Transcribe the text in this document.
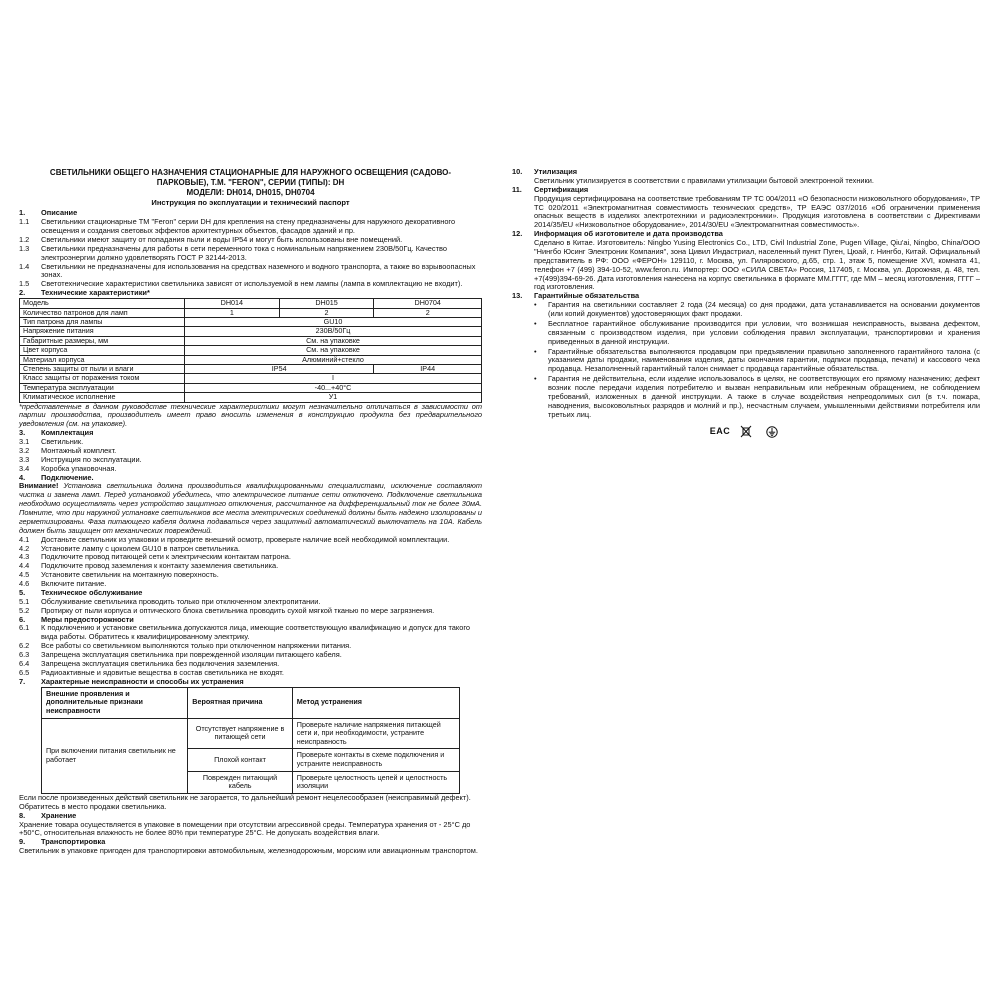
СВЕТИЛЬНИКИ ОБЩЕГО НАЗНАЧЕНИЯ СТАЦИОНАРНЫЕ ДЛЯ НАРУЖНОГО ОСВЕЩЕНИЯ (САДОВО-
ПАРКОВЫЕ), Т.М. "FERON", СЕРИИ (ТИПЫ): DH
МОДЕЛИ: DH014, DH015, DH0704
Инструкция по эксплуатации и технический паспорт
1.	Описание
1.1	Светильники стационарные ТМ "Feron" серии DH для крепления на стену предназначены для наружного декоративного освещения и создания световых эффектов архитектурных объектов, фасадов зданий и пр.
1.2	Светильники имеют защиту от попадания пыли и воды IP54 и могут быть использованы вне помещений.
1.3	Светильники предназначены для работы в сети переменного тока с номинальным напряжением 230В/50Гц. Качество электроэнергии должно удовлетворять ГОСТ Р 32144-2013.
1.4	Светильники не предназначены для использования на средствах наземного и водного транспорта, а также во взрывоопасных зонах.
1.5	Светотехнические характеристики светильника зависят от используемой в нем лампы (лампа в комплектацию не входит).
2.	Технические характеристики*
Модель	DH014	DH015	DH0704
Количество патронов для ламп	1	2	2
Тип патрона для лампы	GU10		
Напряжение питания	230В/50Гц		
Габаритные размеры, мм	См. на упаковке		
Цвет корпуса	См. на упаковке		
Материал корпуса	Алюминий+стекло		
Степень защиты от пыли и влаги	IP54		IP44
Класс защиты от поражения током	I		
Температура эксплуатации	-40...+40°С		
Климатическое исполнение	У1		
*представленные в данном руководстве технические характеристики могут незначительно отличаться в зависимости от партии производства, производитель имеет право вносить изменения в конструкцию продукта без предварительного уведомления (см. на упаковке).
3.	Комплектация
3.1	Светильник.
3.2	Монтажный комплект.
3.3	Инструкция по эксплуатации.
3.4	Коробка упаковочная.
4.	Подключение.
Внимание! Установка светильника должна производиться квалифицированными специалистами, исключение составляют чистка и замена ламп. Перед установкой убедитесь, что электрическое питание сети отключено. Подключение светильника необходимо осуществлять через устройство защитного отключения, рассчитанное на дифференциальный ток не более 30мА. Помните, что при наружной установке светильников все места электрических соединений должны быть надежно изолированы и герметизированы. Фаза питающего кабеля должна подаваться через защитный автоматический выключатель на 10А. Кабель должен быть защищен от механических повреждений.
4.1	Достаньте светильник из упаковки и проведите внешний осмотр, проверьте наличие всей необходимой комплектации.
4.2	Установите лампу с цоколем GU10 в патрон светильника.
4.3	Подключите провод питающей сети к электрическим контактам патрона.
4.4	Подключите провод заземления к контакту заземления светильника.
4.5	Установите светильник на монтажную поверхность.
4.6	Включите питание.
5.	Техническое обслуживание
5.1	Обслуживание светильника проводить только при отключенном электропитании.
5.2	Протирку от пыли корпуса и оптического блока светильника проводить сухой мягкой тканью по мере загрязнения.
6.	Меры предосторожности
6.1	К подключению и установке светильника допускаются лица, имеющие соответствующую квалификацию и допуск для такого вида работы. Обратитесь к квалифицированному электрику.
6.2	Все работы со светильником выполняются только при отключенном напряжении питания.
6.3	Запрещена эксплуатация светильника при поврежденной изоляции питающего кабеля.
6.4	Запрещена эксплуатация светильника без подключения заземления.
6.5	Радиоактивные и ядовитые вещества в состав светильника не входят.
7.	Характерные неисправности и способы их устранения
Внешние проявления и дополнительные признаки неисправности	Вероятная причина	Метод устранения
При включении питания светильник не работает	Отсутствует напряжение в питающей сети	Проверьте наличие напряжения питающей сети и, при необходимости, устраните неисправность
	Плохой контакт	Проверьте контакты в схеме подключения и устраните неисправность
	Поврежден питающий кабель	Проверьте целостность цепей и целостность изоляции
Если после произведенных действий светильник не загорается, то дальнейший ремонт нецелесообразен (неисправимый дефект). Обратитесь в место продажи светильника.
8.	Хранение
Хранение товара осуществляется в упаковке в помещении при отсутствии агрессивной среды. Температура хранения от - 25°С до +50°С, относительная влажность не более 80% при температуре 25°С. Не допускать воздействия влаги.
9.	Транспортировка
Светильник в упаковке пригоден для транспортировки автомобильным, железнодорожным, морским или авиационным транспортом.
10.	Утилизация
Светильник утилизируется в соответствии с правилами утилизации бытовой электронной техники.
11.	Сертификация
Продукция сертифицирована на соответствие требованиям ТР ТС 004/2011 «О безопасности низковольтного оборудования», ТР ТС 020/2011 «Электромагнитная совместимость технических средств», ТР ЕАЭС 037/2016 «Об ограничении применения опасных веществ в изделиях электротехники и радиоэлектроники». Продукция изготовлена в соответствии с Директивами 2014/35/EU «Низковольтное оборудование», 2014/30/EU «Электромагнитная совместимость».
12.	Информация об изготовителе и дата производства
Сделано в Китае. Изготовитель: Ningbo Yusing Electronics Co., LTD, Civil Industrial Zone, Pugen Village, Qiu'ai, Ningbo, China/ООО "Нингбо Юсинг Электроник Компания", зона Цивил Индастриал, населенный пункт Пуген, Цюай, г. Нингбо, Китай. Официальный представитель в РФ: ООО «ФЕРОН» 129110, г. Москва, ул. Гиляровского, д.65, стр. 1, этаж 5, помещение XVI, комната 41, телефон +7 (499) 394-10-52, www.feron.ru. Импортер: ООО «СИЛА СВЕТА» Россия, 117405, г. Москва, ул. Дорожная, д. 48, тел. +7(499)394-69-26. Дата изготовления нанесена на корпус светильника в формате ММ.ГГГГ, где ММ – месяц изготовления, ГГГГ – год изготовления.
13.	Гарантийные обязательства
•	Гарантия на светильники составляет 2 года (24 месяца) со дня продажи, дата устанавливается на основании документов (или копий документов) удостоверяющих факт продажи.
•	Бесплатное гарантийное обслуживание производится при условии, что возникшая неисправность, вызвана дефектом, связанным с производством изделия, при условии соблюдения правил эксплуатации, транспортировки и хранения приведенных в данной инструкции.
•	Гарантийные обязательства выполняются продавцом при предъявлении правильно заполненного гарантийного талона (с указанием даты продажи, наименования изделия, даты окончания гарантии, подписи продавца, печати) и кассового чека продавца. Незаполненный гарантийный талон снимает с продавца гарантийные обязательства.
•	Гарантия не действительна, если изделие использовалось в целях, не соответствующих его прямому назначению; дефект возник после передачи изделия потребителю и вызван неправильным или небрежным обращением, не соблюдением требований, изложенных в данной инструкции. А также в случае воздействия непреодолимых сил (в т.ч. пожара, наводнения, высоковольтных разрядов и молний и пр.), несчастным случаем, умышленными действиями потребителя или третьих лиц.
EAC
